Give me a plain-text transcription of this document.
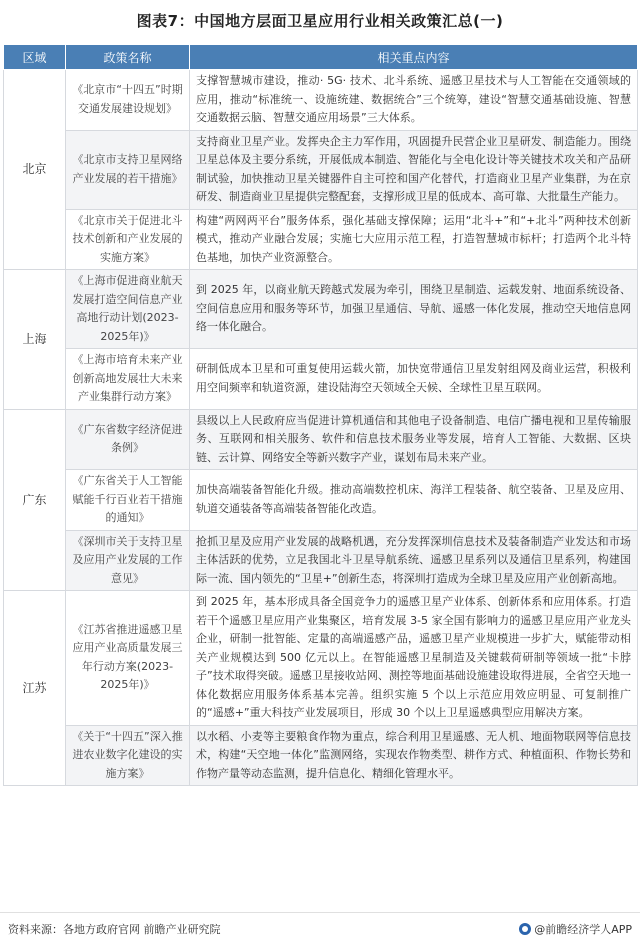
图表7：中国地方层面卫星应用行业相关政策汇总(一)
区域	政策名称	相关重点内容
北京	《北京市“十四五”时期交通发展建设规划》	支撑智慧城市建设，推动· 5G· 技术、北斗系统、遥感卫星技术与人工智能在交通领域的应用，推动“标准统一、设施统建、数据统合”三个统筹，建设“智慧交通基础设施、智慧交通数据云脑、智慧交通应用场景”三大体系。
	《北京市支持卫星网络产业发展的若干措施》	支持商业卫星产业。发挥央企主力军作用，巩固提升民营企业卫星研发、制造能力。围绕卫星总体及主要分系统，开展低成本制造、智能化与全电化设计等关键技术攻关和产品研制试验，加快推动卫星关键器件自主可控和国产化替代，打造商业卫星产业集群，为在京研发、制造商业卫星提供完整配套，支撑形成卫星的低成本、高可靠、大批量生产能力。
	《北京市关于促进北斗技术创新和产业发展的实施方案》	构建“两网两平台”服务体系，强化基础支撑保障；运用“北斗+”和“+北斗”两种技术创新模式，推动产业融合发展；实施七大应用示范工程，打造智慧城市标杆；打造两个北斗特色基地，加快产业资源整合。
上海	《上海市促进商业航天发展打造空间信息产业高地行动计划(2023-2025年)》	到 2025 年，以商业航天跨越式发展为牵引，围绕卫星制造、运载发射、地面系统设备、空间信息应用和服务等环节，加强卫星通信、导航、遥感一体化发展，推动空天地信息网络一体化融合。
	《上海市培育未来产业创新高地发展壮大未来产业集群行动方案》	研制低成本卫星和可重复使用运载火箭，加快宽带通信卫星发射组网及商业运营，积极利用空间频率和轨道资源，建设陆海空天领域全天候、全球性卫星互联网。
广东	《广东省数字经济促进条例》	县级以上人民政府应当促进计算机通信和其他电子设备制造、电信广播电视和卫星传输服务、互联网和相关服务、软件和信息技术服务业等发展，培育人工智能、大数据、区块链、云计算、网络安全等新兴数字产业，谋划布局未来产业。
	《广东省关于人工智能赋能千行百业若干措施的通知》	加快高端装备智能化升级。推动高端数控机床、海洋工程装备、航空装备、卫星及应用、轨道交通装备等高端装备智能化改造。
	《深圳市关于支持卫星及应用产业发展的工作意见》	抢抓卫星及应用产业发展的战略机遇，充分发挥深圳信息技术及装备制造产业发达和市场主体活跃的优势，立足我国北斗卫星导航系统、遥感卫星系列以及通信卫星系列，构建国际一流、国内领先的“卫星+”创新生态，将深圳打造成为全球卫星及应用产业创新高地。
江苏	《江苏省推进遥感卫星应用产业高质量发展三年行动方案(2023-2025年)》	到 2025 年，基本形成具备全国竞争力的遥感卫星产业体系、创新体系和应用体系。打造若干个遥感卫星应用产业集聚区，培育发展 3-5 家全国有影响力的遥感卫星应用产业龙头企业，研制一批智能、定量的高端遥感产品，遥感卫星产业规模进一步扩大，赋能带动相关产业规模达到 500 亿元以上。在智能遥感卫星制造及关键载荷研制等领域一批“卡脖子”技术取得突破。遥感卫星接收站网、测控等地面基础设施建设取得进展，全省空天地一体化数据应用服务体系基本完善。组织实施 5 个以上示范应用效应明显、可复制推广的“遥感+”重大科技产业发展项目，形成 30 个以上卫星遥感典型应用解决方案。
	《关于“十四五”深入推进农业数字化建设的实施方案》	以水稻、小麦等主要粮食作物为重点，综合利用卫星遥感、无人机、地面物联网等信息技术，构建“天空地一体化”监测网络，实现农作物类型、耕作方式、种植面积、作物长势和作物产量等动态监测，提升信息化、精细化管理水平。
资料来源：各地方政府官网 前瞻产业研究院	@前瞻经济学人APP
